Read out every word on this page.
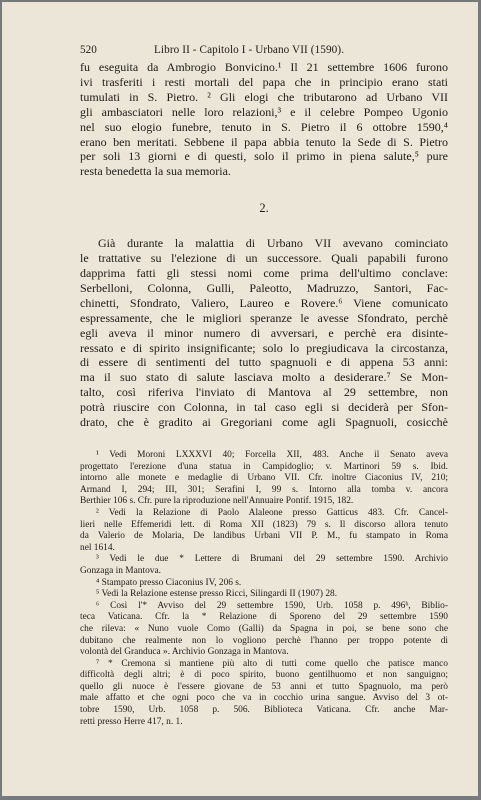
520	Libro II - Capitolo I - Urbano VII (1590).

fu eseguita da Ambrogio Bonvicino.¹ Il 21 settembre 1606 furono
ivi trasferiti i resti mortali del papa che in principio erano stati
tumulati in S. Pietro. ² Gli elogi che tributarono ad Urbano VII
gli ambasciatori nelle loro relazioni,³ e il celebre Pompeo Ugonio
nel suo elogio funebre, tenuto in S. Pietro il 6 ottobre 1590,⁴
erano ben meritati. Sebbene il papa abbia tenuto la Sede di S. Pietro
per soli 13 giorni e di questi, solo il primo in piena salute,⁵ pure
resta benedetta la sua memoria.

2.

Già durante la malattia di Urbano VII avevano cominciato
le trattative su l'elezione di un successore. Quali papabili furono
dapprima fatti gli stessi nomi come prima dell'ultimo conclave:
Serbelloni, Colonna, Gulli, Paleotto, Madruzzo, Santori, Fac-
chinetti, Sfondrato, Valiero, Laureo e Rovere.⁶ Viene comunicato
espressamente, che le migliori speranze le avesse Sfondrato, perchè
egli aveva il minor numero di avversari, e perchè era disinte-
ressato e di spirito insignificante; solo lo pregiudicava la circostanza,
di essere di sentimenti del tutto spagnuoli e di appena 53 anni:
ma il suo stato di salute lasciava molto a desiderare.⁷ Se Mon-
talto, così riferiva l'inviato di Mantova al 29 settembre, non
potrà riuscire con Colonna, in tal caso egli si deciderà per Sfon-
drato, che è gradito ai Gregoriani come agli Spagnuoli, cosicchè

¹ Vedi Moroni LXXXVI 40; Forcella XII, 483. Anche il Senato aveva
progettato l'erezione d'una statua in Campidoglio; v. Martinori 59 s. Ibid.
intorno alle monete e medaglie di Urbano VII. Cfr. inoltre Ciaconius IV, 210;
Armand I, 294; III, 301; Serafini I, 99 s. Intorno alla tomba v. ancora
Berthier 106 s. Cfr. pure la riproduzione nell'Annuaire Pontif. 1915, 182.
² Vedi la Relazione di Paolo Alaleone presso Gatticus 483. Cfr. Cancel-
lieri nelle Effemeridi lett. di Roma XII (1823) 79 s. Il discorso allora tenuto
da Valerio de Molaria, De landibus Urbani VII P. M., fu stampato in Roma
nel 1614.
³ Vedi le due * Lettere di Brumani del 29 settembre 1590. Archivio
Gonzaga in Mantova.
⁴ Stampato presso Ciaconius IV, 206 s.
⁵ Vedi la Relazione estense presso Ricci, Silingardi II (1907) 28.
⁶ Così l'* Avviso del 29 settembre 1590, Urb. 1058 p. 496ᵇ, Biblio-
teca Vaticana. Cfr. la * Relazione di Sporeno del 29 settembre 1590
che rileva: « Nuno vuole Como (Galli) da Spagna in poi, se bene sono che
dubitano che realmente non lo vogliono perchè l'hanno per troppo potente di
volontà del Granduca ». Archivio Gonzaga in Mantova.
⁷ * Cremona si mantiene più alto di tutti come quello che patisce manco
difficoltà degli altri; è di poco spirito, buono gentilhuomo et non sanguigno;
quello gli nuoce è l'essere giovane de 53 anni et tutto Spagnuolo, ma però
male affatto et che ogni poco che va in cocchio urina sangue. Avviso del 3 ot-
tobre 1590, Urb. 1058 p. 506. Biblioteca Vaticana. Cfr. anche Mar-
retti presso Herre 417, n. 1.
